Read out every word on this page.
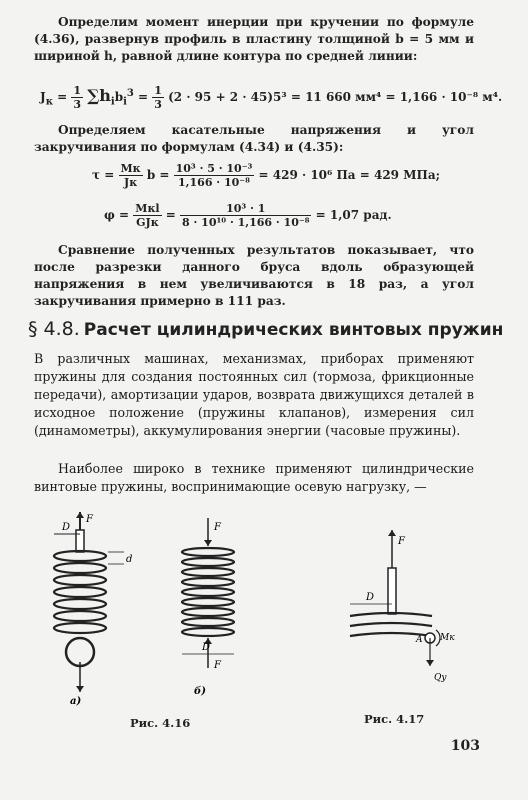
Определим момент инерции при кручении по формуле (4.36), развернув профиль в пластину толщиной b = 5 мм и шириной h, равной длине контура по средней линии:
$J_к = \frac{1}{3} \sum h_ib_i^3 = \frac{1}{3} (2 \cdot 95 + 2 \cdot 45)5^3 = 11$ 660 мм⁴ = 1,166 · 10⁻⁸ м⁴.
Определяем касательные напряжения и угол закручивания по формулам (4.34) и (4.35):
$\tau = \frac{Mк}{Jк}$ $b = \frac{\text{10³ · 5 · 10⁻³}}{\text{1,166 · 10⁻⁸}} = 429 \cdot 10^6$ Па = 429 МПа;
$\varphi = \frac{\text{Mкl}}{\text{GJк}} = \frac{\text{10³ · 1}}{\text{8 · 10¹⁰ · 1,166 · 10⁻⁸}} = 1,07$ рад.
Сравнение полученных результатов показывает, что после разрезки данного бруса вдоль образующей напряжения в нем увеличиваются в 18 раз, а угол закручивания примерно в 111 раз.
§ 4.8. Расчет цилиндрических винтовых пружин
В различных машинах, механизмах, приборах применяют пружины для создания постоянных сил (тормоза, фрикционные передачи), амортизации ударов, возврата движущихся деталей в исходное положение (пружины клапанов), измерения сил (динамометры), аккумулирования энергии (часовые пружины).
Наиболее широко в технике применяют цилиндрические винтовые пружины, воспринимающие осевую нагрузку, —
F
D
d
а)
F
F
D
б)
F
D
A Mк
Qy
Рис. 4.16	Рис. 4.17
103
